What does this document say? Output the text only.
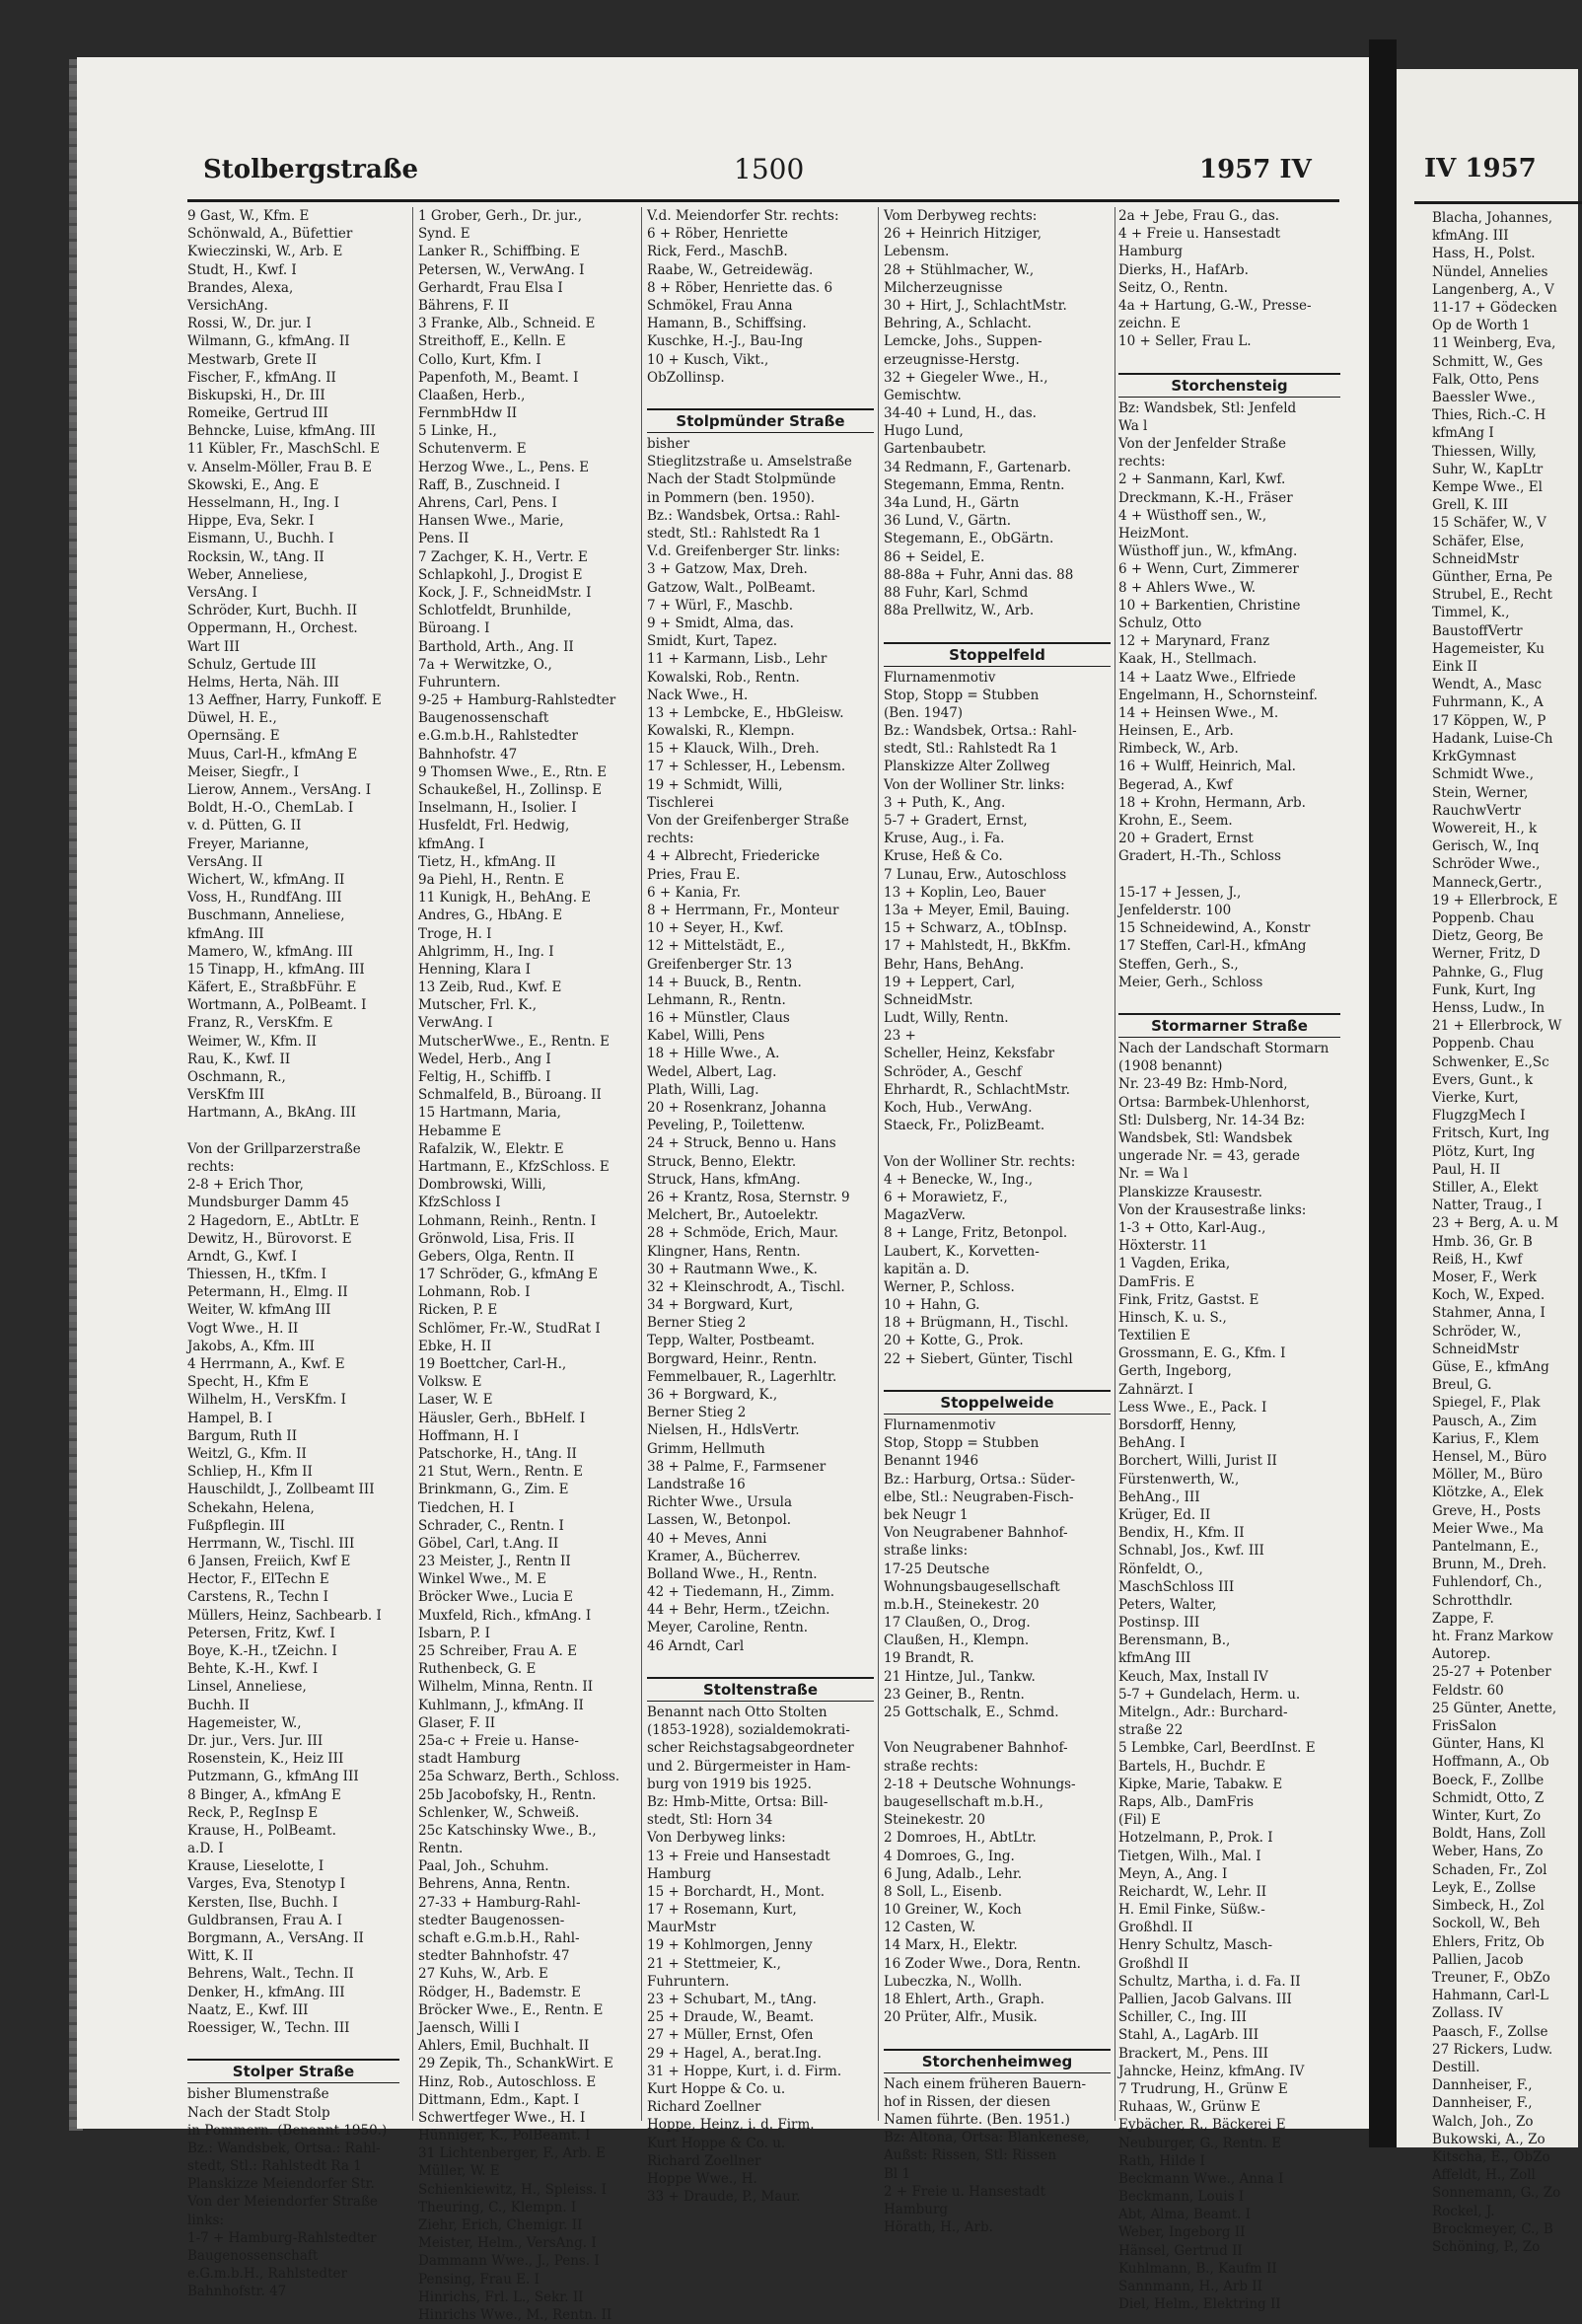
Stolbergstraße	1500	1957 IV
9 Gast, W., Kfm. E
Schönwald, A., Büfettier
Kwieczinski, W., Arb. E
Studt, H., Kwf. I
Brandes, Alexa,
VersichAng.
Rossi, W., Dr. jur. I
Wilmann, G., kfmAng. II
Mestwarb, Grete II
Fischer, F., kfmAng. II
Biskupski, H., Dr. III
Romeike, Gertrud III
Behncke, Luise, kfmAng. III
11 Kübler, Fr., MaschSchl. E
v. Anselm-Möller, Frau B. E
Skowski, E., Ang. E
Hesselmann, H., Ing. I
Hippe, Eva, Sekr. I
Eismann, U., Buchh. I
Rocksin, W., tAng. II
Weber, Anneliese,
VersAng. I
Schröder, Kurt, Buchh. II
Oppermann, H., Orchest.
Wart III
Schulz, Gertude III
Helms, Herta, Näh. III
13 Aeffner, Harry, Funkoff. E
Düwel, H. E.,
Opernsäng. E
Muus, Carl-H., kfmAng E
Meiser, Siegfr., I
Lierow, Annem., VersAng. I
Boldt, H.-O., ChemLab. I
v. d. Pütten, G. II
Freyer, Marianne,
VersAng. II
Wichert, W., kfmAng. II
Voss, H., RundfAng. III
Buschmann, Anneliese,
kfmAng. III
Mamero, W., kfmAng. III
15 Tinapp, H., kfmAng. III
Käfert, E., StraßbFühr. E
Wortmann, A., PolBeamt. I
Franz, R., VersKfm. E
Weimer, W., Kfm. II
Rau, K., Kwf. II
Oschmann, R.,
VersKfm III
Hartmann, A., BkAng. III
Von der Grillparzerstraße
rechts:
2-8 + Erich Thor,
Mundsburger Damm 45
2 Hagedorn, E., AbtLtr. E
Dewitz, H., Bürovorst. E
Arndt, G., Kwf. I
Thiessen, H., tKfm. I
Petermann, H., Elmg. II
Weiter, W. kfmAng III
Vogt Wwe., H. II
Jakobs, A., Kfm. III
4 Herrmann, A., Kwf. E
Specht, H., Kfm E
Wilhelm, H., VersKfm. I
Hampel, B. I
Bargum, Ruth II
Weitzl, G., Kfm. II
Schliep, H., Kfm II
Hauschildt, J., Zollbeamt III
Schekahn, Helena,
Fußpflegin. III
Herrmann, W., Tischl. III
6 Jansen, Freiich, Kwf E
Hector, F., ElTechn E
Carstens, R., Techn I
Müllers, Heinz, Sachbearb. I
Petersen, Fritz, Kwf. I
Boye, K.-H., tZeichn. I
Behte, K.-H., Kwf. I
Linsel, Anneliese,
Buchh. II
Hagemeister, W.,
Dr. jur., Vers. Jur. III
Rosenstein, K., Heiz III
Putzmann, G., kfmAng III
8 Binger, A., kfmAng E
Reck, P., RegInsp E
Krause, H., PolBeamt.
a.D. I
Krause, Lieselotte, I
Varges, Eva, Stenotyp I
Kersten, Ilse, Buchh. I
Guldbransen, Frau A. I
Borgmann, A., VersAng. II
Witt, K. II
Behrens, Walt., Techn. II
Denker, H., kfmAng. III
Naatz, E., Kwf. III
Roessiger, W., Techn. III
Stolper Straße
bisher Blumenstraße
Nach der Stadt Stolp
in Pommern. (Benannt 1950.)
Bz.: Wandsbek, Ortsa.: Rahl-
stedt, Stl.: Rahlstedt Ra 1
Planskizze Meiendorfer Str.
Von der Meiendorfer Straße
links:
1-7 + Hamburg-Rahlstedter
Baugenossenschaft
e.G.m.b.H., Rahlstedter
Bahnhofstr. 47
1 Grober, Gerh., Dr. jur.,
Synd. E
Lanker R., Schiffbing. E
Petersen, W., VerwAng. I
Gerhardt, Frau Elsa I
Bährens, F. II
3 Franke, Alb., Schneid. E
Streithoff, E., Kelln. E
Collo, Kurt, Kfm. I
Papenfoth, M., Beamt. I
Claaßen, Herb.,
FernmbHdw II
5 Linke, H.,
Schutenverm. E
Herzog Wwe., L., Pens. E
Raff, B., Zuschneid. I
Ahrens, Carl, Pens. I
Hansen Wwe., Marie,
Pens. II
7 Zachger, K. H., Vertr. E
Schlapkohl, J., Drogist E
Kock, J. F., SchneidMstr. I
Schlotfeldt, Brunhilde,
Büroang. I
Barthold, Arth., Ang. II
7a + Werwitzke, O.,
Fuhruntern.
9-25 + Hamburg-Rahlstedter
Baugenossenschaft
e.G.m.b.H., Rahlstedter
Bahnhofstr. 47
9 Thomsen Wwe., E., Rtn. E
Schaukeßel, H., Zollinsp. E
Inselmann, H., Isolier. I
Husfeldt, Frl. Hedwig,
kfmAng. I
Tietz, H., kfmAng. II
9a Piehl, H., Rentn. E
11 Kunigk, H., BehAng. E
Andres, G., HbAng. E
Troge, H. I
Ahlgrimm, H., Ing. I
Henning, Klara I
13 Zeib, Rud., Kwf. E
Mutscher, Frl. K.,
VerwAng. I
MutscherWwe., E., Rentn. E
Wedel, Herb., Ang I
Feltig, H., Schiffb. I
Schmalfeld, B., Büroang. II
15 Hartmann, Maria,
Hebamme E
Rafalzik, W., Elektr. E
Hartmann, E., KfzSchloss. E
Dombrowski, Willi,
KfzSchloss I
Lohmann, Reinh., Rentn. I
Grönwold, Lisa, Fris. II
Gebers, Olga, Rentn. II
17 Schröder, G., kfmAng E
Lohmann, Rob. I
Ricken, P. E
Schlömer, Fr.-W., StudRat I
Ebke, H. II
19 Boettcher, Carl-H.,
Volksw. E
Laser, W. E
Häusler, Gerh., BbHelf. I
Hoffmann, H. I
Patschorke, H., tAng. II
21 Stut, Wern., Rentn. E
Brinkmann, G., Zim. E
Tiedchen, H. I
Schrader, C., Rentn. I
Göbel, Carl, t.Ang. II
23 Meister, J., Rentn II
Winkel Wwe., M. E
Bröcker Wwe., Lucia E
Muxfeld, Rich., kfmAng. I
Isbarn, P. I
25 Schreiber, Frau A. E
Ruthenbeck, G. E
Wilhelm, Minna, Rentn. II
Kuhlmann, J., kfmAng. II
Glaser, F. II
25a-c + Freie u. Hanse-
stadt Hamburg
25a Schwarz, Berth., Schloss.
25b Jacobofsky, H., Rentn.
Schlenker, W., Schweiß.
25c Katschinsky Wwe., B.,
Rentn.
Paal, Joh., Schuhm.
Behrens, Anna, Rentn.
27-33 + Hamburg-Rahl-
stedter Baugenossen-
schaft e.G.m.b.H., Rahl-
stedter Bahnhofstr. 47
27 Kuhs, W., Arb. E
Rödger, H., Bademstr. E
Bröcker Wwe., E., Rentn. E
Jaensch, Willi I
Ahlers, Emil, Buchhalt. II
29 Zepik, Th., SchankWirt. E
Hinz, Rob., Autoschloss. E
Dittmann, Edm., Kapt. I
Schwertfeger Wwe., H. I
Hünniger, K., PolBeamt. I
31 Lichtenberger, F., Arb. E
Müller, W. E
Schienkiewitz, H., Spleiss. I
Theuring, C., Klempn. I
Ziehr, Erich, Chemigr. II
Meister, Helm., VersAng. I
Dammann Wwe., J., Pens. I
Pensing, Frau E. I
Hinrichs, Frl. L., Sekr. II
Hinrichs Wwe., M., Rentn. II
V.d. Meiendorfer Str. rechts:
6 + Röber, Henriette
Rick, Ferd., MaschB.
Raabe, W., Getreidewäg.
8 + Röber, Henriette das. 6
Schmökel, Frau Anna
Hamann, B., Schiffsing.
Kuschke, H.-J., Bau-Ing
10 + Kusch, Vikt.,
ObZollinsp.
Stolpmünder Straße
bisher
Stieglitzstraße u. Amselstraße
Nach der Stadt Stolpmünde
in Pommern (ben. 1950).
Bz.: Wandsbek, Ortsa.: Rahl-
stedt, Stl.: Rahlstedt Ra 1
V.d. Greifenberger Str. links:
3 + Gatzow, Max, Dreh.
Gatzow, Walt., PolBeamt.
7 + Würl, F., Maschb.
9 + Smidt, Alma, das.
Smidt, Kurt, Tapez.
11 + Karmann, Lisb., Lehr
Kowalski, Rob., Rentn.
Nack Wwe., H.
13 + Lembcke, E., HbGleisw.
Kowalski, R., Klempn.
15 + Klauck, Wilh., Dreh.
17 + Schlesser, H., Lebensm.
19 + Schmidt, Willi,
Tischlerei
Von der Greifenberger Straße
rechts:
4 + Albrecht, Friedericke
Pries, Frau E.
6 + Kania, Fr.
8 + Herrmann, Fr., Monteur
10 + Seyer, H., Kwf.
12 + Mittelstädt, E.,
Greifenberger Str. 13
14 + Buuck, B., Rentn.
Lehmann, R., Rentn.
16 + Münstler, Claus
Kabel, Willi, Pens
18 + Hille Wwe., A.
Wedel, Albert, Lag.
Plath, Willi, Lag.
20 + Rosenkranz, Johanna
Peveling, P., Toilettenw.
24 + Struck, Benno u. Hans
Struck, Benno, Elektr.
Struck, Hans, kfmAng.
26 + Krantz, Rosa, Sternstr. 9
Melchert, Br., Autoelektr.
28 + Schmöde, Erich, Maur.
Klingner, Hans, Rentn.
30 + Rautmann Wwe., K.
32 + Kleinschrodt, A., Tischl.
34 + Borgward, Kurt,
Berner Stieg 2
Tepp, Walter, Postbeamt.
Borgward, Heinr., Rentn.
Femmelbauer, R., Lagerhltr.
36 + Borgward, K.,
Berner Stieg 2
Nielsen, H., HdlsVertr.
Grimm, Hellmuth
38 + Palme, F., Farmsener
Landstraße 16
Richter Wwe., Ursula
Lassen, W., Betonpol.
40 + Meves, Anni
Kramer, A., Bücherrev.
Bolland Wwe., H., Rentn.
42 + Tiedemann, H., Zimm.
44 + Behr, Herm., tZeichn.
Meyer, Caroline, Rentn.
46 Arndt, Carl
Stoltenstraße
Benannt nach Otto Stolten
(1853-1928), sozialdemokrati-
scher Reichstagsabgeordneter
und 2. Bürgermeister in Ham-
burg von 1919 bis 1925.
Bz: Hmb-Mitte, Ortsa: Bill-
stedt, Stl: Horn 34
Von Derbyweg links:
13 + Freie und Hansestadt
Hamburg
15 + Borchardt, H., Mont.
17 + Rosemann, Kurt,
MaurMstr
19 + Kohlmorgen, Jenny
21 + Stettmeier, K.,
Fuhruntern.
23 + Schubart, M., tAng.
25 + Draude, W., Beamt.
27 + Müller, Ernst, Ofen
29 + Hagel, A., berat.Ing.
31 + Hoppe, Kurt, i. d. Firm.
Kurt Hoppe & Co. u.
Richard Zoellner
Hoppe, Heinz, i. d. Firm.
Kurt Hoppe & Co. u.
Richard Zoellner
Hoppe Wwe., H.
33 + Draude, P., Maur.
Vom Derbyweg rechts:
26 + Heinrich Hitziger,
Lebensm.
28 + Stühlmacher, W.,
Milcherzeugnisse
30 + Hirt, J., SchlachtMstr.
Behring, A., Schlacht.
Lemcke, Johs., Suppen-
erzeugnisse-Herstg.
32 + Giegeler Wwe., H.,
Gemischtw.
34-40 + Lund, H., das.
Hugo Lund,
Gartenbaubetr.
34 Redmann, F., Gartenarb.
Stegemann, Emma, Rentn.
34a Lund, H., Gärtn
36 Lund, V., Gärtn.
Stegemann, E., ObGärtn.
86 + Seidel, E.
88-88a + Fuhr, Anni das. 88
88 Fuhr, Karl, Schmd
88a Prellwitz, W., Arb.
Stoppelfeld
Flurnamenmotiv
Stop, Stopp = Stubben
(Ben. 1947)
Bz.: Wandsbek, Ortsa.: Rahl-
stedt, Stl.: Rahlstedt Ra 1
Planskizze Alter Zollweg
Von der Wolliner Str. links:
3 + Puth, K., Ang.
5-7 + Gradert, Ernst,
Kruse, Aug., i. Fa.
Kruse, Heß & Co.
7 Lunau, Erw., Autoschloss
13 + Koplin, Leo, Bauer
13a + Meyer, Emil, Bauing.
15 + Schwarz, A., tObInsp.
17 + Mahlstedt, H., BkKfm.
Behr, Hans, BehAng.
19 + Leppert, Carl,
SchneidMstr.
Ludt, Willy, Rentn.
23 +
Scheller, Heinz, Keksfabr
Schröder, A., Geschf
Ehrhardt, R., SchlachtMstr.
Koch, Hub., VerwAng.
Staeck, Fr., PolizBeamt.
Von der Wolliner Str. rechts:
4 + Benecke, W., Ing.,
6 + Morawietz, F.,
MagazVerw.
8 + Lange, Fritz, Betonpol.
Laubert, K., Korvetten-
kapitän a. D.
Werner, P., Schloss.
10 + Hahn, G.
18 + Brügmann, H., Tischl.
20 + Kotte, G., Prok.
22 + Siebert, Günter, Tischl
Stoppelweide
Flurnamenmotiv
Stop, Stopp = Stubben
Benannt 1946
Bz.: Harburg, Ortsa.: Süder-
elbe, Stl.: Neugraben-Fisch-
bek Neugr 1
Von Neugrabener Bahnhof-
straße links:
17-25 Deutsche
Wohnungsbaugesellschaft
m.b.H., Steinekestr. 20
17 Claußen, O., Drog.
Claußen, H., Klempn.
19 Brandt, R.
21 Hintze, Jul., Tankw.
23 Geiner, B., Rentn.
25 Gottschalk, E., Schmd.
Von Neugrabener Bahnhof-
straße rechts:
2-18 + Deutsche Wohnungs-
baugesellschaft m.b.H.,
Steinekestr. 20
2 Domroes, H., AbtLtr.
4 Domroes, G., Ing.
6 Jung, Adalb., Lehr.
8 Soll, L., Eisenb.
10 Greiner, W., Koch
12 Casten, W.
14 Marx, H., Elektr.
16 Zoder Wwe., Dora, Rentn.
Lubeczka, N., Wollh.
18 Ehlert, Arth., Graph.
20 Prüter, Alfr., Musik.
Storchenheimweg
Nach einem früheren Bauern-
hof in Rissen, der diesen
Namen führte. (Ben. 1951.)
Bz: Altona, Ortsa: Blankenese,
Außst: Rissen, Stl: Rissen
Bl 1
2 + Freie u. Hansestadt
Hamburg
Hörath, H., Arb.
2a + Jebe, Frau G., das.
4 + Freie u. Hansestadt
Hamburg
Dierks, H., HafArb.
Seitz, O., Rentn.
4a + Hartung, G.-W., Presse-
zeichn. E
10 + Seller, Frau L.
Storchensteig
Bz: Wandsbek, Stl: Jenfeld
Wa l
Von der Jenfelder Straße
rechts:
2 + Sanmann, Karl, Kwf.
Dreckmann, K.-H., Fräser
4 + Wüsthoff sen., W.,
HeizMont.
Wüsthoff jun., W., kfmAng.
6 + Wenn, Curt, Zimmerer
8 + Ahlers Wwe., W.
10 + Barkentien, Christine
Schulz, Otto
12 + Marynard, Franz
Kaak, H., Stellmach.
14 + Laatz Wwe., Elfriede
Engelmann, H., Schornsteinf.
14 + Heinsen Wwe., M.
Heinsen, E., Arb.
Rimbeck, W., Arb.
16 + Wulff, Heinrich, Mal.
Begerad, A., Kwf
18 + Krohn, Hermann, Arb.
Krohn, E., Seem.
20 + Gradert, Ernst
Gradert, H.-Th., Schloss
15-17 + Jessen, J.,
Jenfelderstr. 100
15 Schneidewind, A., Konstr
17 Steffen, Carl-H., kfmAng
Steffen, Gerh., S.,
Meier, Gerh., Schloss
Stormarner Straße
Nach der Landschaft Stormarn
(1908 benannt)
Nr. 23-49 Bz: Hmb-Nord,
Ortsa: Barmbek-Uhlenhorst,
Stl: Dulsberg, Nr. 14-34 Bz:
Wandsbek, Stl: Wandsbek
ungerade Nr. = 43, gerade
Nr. = Wa l
Planskizze Krausestr.
Von der Krausestraße links:
1-3 + Otto, Karl-Aug.,
Höxterstr. 11
1 Vagden, Erika,
DamFris. E
Fink, Fritz, Gastst. E
Hinsch, K. u. S.,
Textilien E
Grossmann, E. G., Kfm. I
Gerth, Ingeborg,
Zahnärzt. I
Less Wwe., E., Pack. I
Borsdorff, Henny,
BehAng. I
Borchert, Willi, Jurist II
Fürstenwerth, W.,
BehAng., III
Krüger, Ed. II
Bendix, H., Kfm. II
Schnabl, Jos., Kwf. III
Rönfeldt, O.,
MaschSchloss III
Peters, Walter,
Postinsp. III
Berensmann, B.,
kfmAng III
Keuch, Max, Install IV
5-7 + Gundelach, Herm. u.
Mitelgn., Adr.: Burchard-
straße 22
5 Lembke, Carl, BeerdInst. E
Bartels, H., Buchdr. E
Kipke, Marie, Tabakw. E
Raps, Alb., DamFris
(Fil) E
Hotzelmann, P., Prok. I
Tietgen, Wilh., Mal. I
Meyn, A., Ang. I
Reichardt, W., Lehr. II
H. Emil Finke, Süßw.-
Großhdl. II
Henry Schultz, Masch-
Großhdl II
Schultz, Martha, i. d. Fa. II
Pallien, Jacob Galvans. III
Schiller, C., Ing. III
Stahl, A., LagArb. III
Brackert, M., Pens. III
Jahncke, Heinz, kfmAng. IV
7 Trudrung, H., Grünw E
Ruhaas, W., Grünw E
Eybächer, R., Bäckerei E
Neuburger, G., Rentn. E
Rath, Hilde I
Beckmann Wwe., Anna I
Beckmann, Louis I
Abt, Alma, Beamt. I
Weber, Ingeborg II
Hänsel, Gertrud II
Kuhlmann, B., Kaufm II
Sannmann, H., Arb II
Diel, Helm., Elektring II
IV 1957
Blacha, Johannes,
kfmAng. III
Hass, H., Polst.
Nündel, Annelies
Langenberg, A., V
11-17 + Gödecken
Op de Worth 1
11 Weinberg, Eva,
Schmitt, W., Ges
Falk, Otto, Pens
Baessler Wwe.,
Thies, Rich.-C. H
kfmAng I
Thiessen, Willy,
Suhr, W., KapLtr
Kempe Wwe., El
Grell, K. III
15 Schäfer, W., V
Schäfer, Else,
SchneidMstr
Günther, Erna, Pe
Strubel, E., Recht
Timmel, K.,
BaustoffVertr
Hagemeister, Ku
Eink II
Wendt, A., Masc
Fuhrmann, K., A
17 Köppen, W., P
Hadank, Luise-Ch
KrkGymnast
Schmidt Wwe.,
Stein, Werner,
RauchwVertr
Wowereit, H., k
Gerisch, W., Inq
Schröder Wwe.,
Manneck,Gertr.,
19 + Ellerbrock, E
Poppenb. Chau
Dietz, Georg, Be
Werner, Fritz, D
Pahnke, G., Flug
Funk, Kurt, Ing
Henss, Ludw., In
21 + Ellerbrock, W
Poppenb. Chau
Schwenker, E.,Sc
Evers, Gunt., k
Vierke, Kurt,
FlugzgMech I
Fritsch, Kurt, Ing
Plötz, Kurt, Ing
Paul, H. II
Stiller, A., Elekt
Natter, Traug., I
23 + Berg, A. u. M
Hmb. 36, Gr. B
Reiß, H., Kwf
Moser, F., Werk
Koch, W., Exped.
Stahmer, Anna, I
Schröder, W.,
SchneidMstr
Güse, E., kfmAng
Breul, G.
Spiegel, F., Plak
Pausch, A., Zim
Karius, F., Klem
Hensel, M., Büro
Möller, M., Büro
Klötzke, A., Elek
Greve, H., Posts
Meier Wwe., Ma
Pantelmann, E.,
Brunn, M., Dreh.
Fuhlendorf, Ch.,
Schrotthdlr.
Zappe, F.
ht. Franz Markow
Autorep.
25-27 + Potenber
Feldstr. 60
25 Günter, Anette,
FrisSalon
Günter, Hans, Kl
Hoffmann, A., Ob
Boeck, F., Zollbe
Schmidt, Otto, Z
Winter, Kurt, Zo
Boldt, Hans, Zoll
Weber, Hans, Zo
Schaden, Fr., Zol
Leyk, E., Zollse
Simbeck, H., Zol
Sockoll, W., Beh
Ehlers, Fritz, Ob
Pallien, Jacob
Treuner, F., ObZo
Hahmann, Carl-L
Zollass. IV
Paasch, F., Zollse
27 Rickers, Ludw.
Destill.
Dannheiser, F.,
Dannheiser, F.,
Walch, Joh., Zo
Bukowski, A., Zo
Kitscha, E., ObZo
Affeldt, H., Zoll
Sonnemann, G., Zo
Rockel, J.
Brockmeyer, C., B
Schöning, P., Zo
